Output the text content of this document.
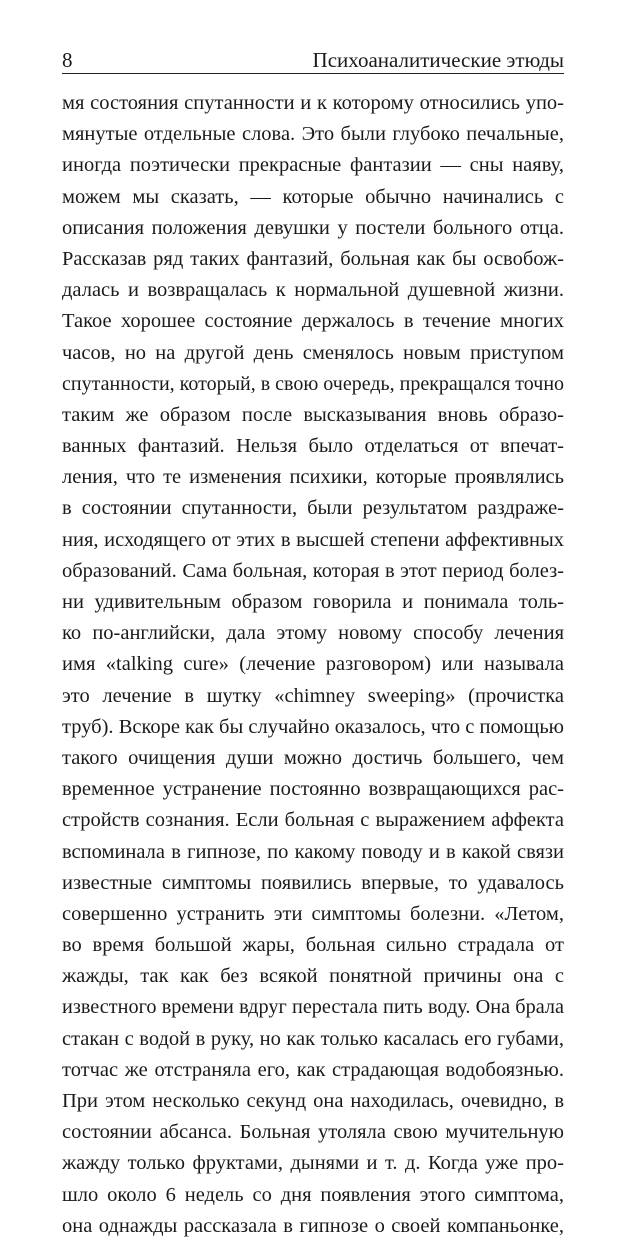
8	Психоаналитические этюды
мя состояния спутанности и к которому относились упо-
мянутые отдельные слова. Это были глубоко печальные,
иногда поэтически прекрасные фантазии — сны наяву,
можем мы сказать, — которые обычно начинались с
описания положения девушки у постели больного отца.
Рассказав ряд таких фантазий, больная как бы освобож-
далась и возвращалась к нормальной душевной жизни.
Такое хорошее состояние держалось в течение многих
часов, но на другой день сменялось новым приступом
спутанности, который, в свою очередь, прекращался точно
таким же образом после высказывания вновь образо-
ванных фантазий. Нельзя было отделаться от впечат-
ления, что те изменения психики, которые проявлялись
в состоянии спутанности, были результатом раздраже-
ния, исходящего от этих в высшей степени аффективных
образований. Сама больная, которая в этот период болез-
ни удивительным образом говорила и понимала толь-
ко по-английски, дала этому новому способу лечения
имя «talking cure» (лечение разговором) или называла
это лечение в шутку «chimney sweeping» (прочистка
труб). Вскоре как бы случайно оказалось, что с помощью
такого очищения души можно достичь большего, чем
временное устранение постоянно возвращающихся рас-
стройств сознания. Если больная с выражением аффекта
вспоминала в гипнозе, по какому поводу и в какой связи
известные симптомы появились впервые, то удавалось
совершенно устранить эти симптомы болезни. «Летом,
во время большой жары, больная сильно страдала от
жажды, так как без всякой понятной причины она с
известного времени вдруг перестала пить воду. Она брала
стакан с водой в руку, но как только касалась его губами,
тотчас же отстраняла его, как страдающая водобоязнью.
При этом несколько секунд она находилась, очевидно, в
состоянии абсанса. Больная утоляла свою мучительную
жажду только фруктами, дынями и т. д. Когда уже про-
шло около 6 недель со дня появления этого симптома,
она однажды рассказала в гипнозе о своей компаньонке,
